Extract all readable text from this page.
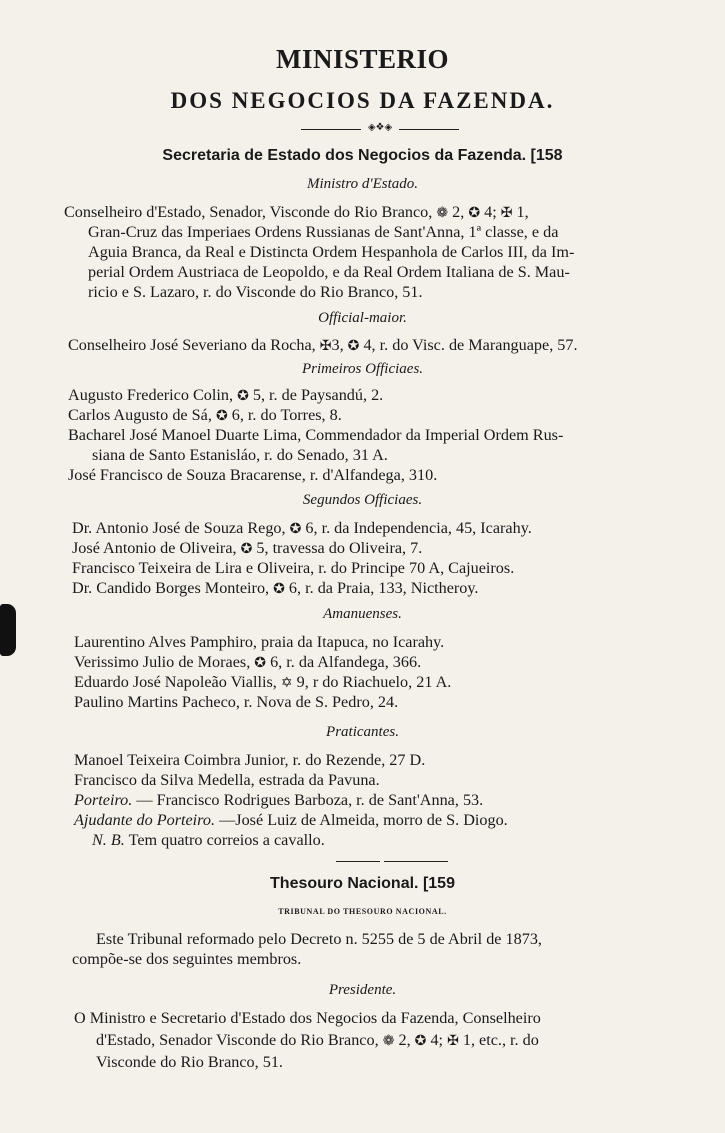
MINISTERIO
DOS NEGOCIOS DA FAZENDA.
◈❖◈
Secretaria de Estado dos Negocios da Fazenda. [158
Ministro d'Estado.
Conselheiro d'Estado, Senador, Visconde do Rio Branco, ❁ 2, ✪ 4; ✠ 1,
Gran-Cruz das Imperiaes Ordens Russianas de Sant'Anna, 1ª classe, e da
Aguia Branca, da Real e Distincta Ordem Hespanhola de Carlos III, da Im-
perial Ordem Austriaca de Leopoldo, e da Real Ordem Italiana de S. Mau-
ricio e S. Lazaro, r. do Visconde do Rio Branco, 51.
Official-maior.
Conselheiro José Severiano da Rocha, ✠3, ✪ 4, r. do Visc. de Maranguape, 57.
Primeiros Officiaes.
Augusto Frederico Colin, ✪ 5, r. de Paysandú, 2.
Carlos Augusto de Sá, ✪ 6, r. do Torres, 8.
Bacharel José Manoel Duarte Lima, Commendador da Imperial Ordem Rus-
siana de Santo Estanisláo, r. do Senado, 31 A.
José Francisco de Souza Bracarense, r. d'Alfandega, 310.
Segundos Officiaes.
Dr. Antonio José de Souza Rego, ✪ 6, r. da Independencia, 45, Icarahy.
José Antonio de Oliveira, ✪ 5, travessa do Oliveira, 7.
Francisco Teixeira de Lira e Oliveira, r. do Principe 70 A, Cajueiros.
Dr. Candido Borges Monteiro, ✪ 6, r. da Praia, 133, Nictheroy.
Amanuenses.
Laurentino Alves Pamphiro, praia da Itapuca, no Icarahy.
Verissimo Julio de Moraes, ✪ 6, r. da Alfandega, 366.
Eduardo José Napoleão Viallis, ✡ 9, r do Riachuelo, 21 A.
Paulino Martins Pacheco, r. Nova de S. Pedro, 24.
Praticantes.
Manoel Teixeira Coimbra Junior, r. do Rezende, 27 D.
Francisco da Silva Medella, estrada da Pavuna.
Porteiro. — Francisco Rodrigues Barboza, r. de Sant'Anna, 53.
Ajudante do Porteiro. —José Luiz de Almeida, morro de S. Diogo.
N. B. Tem quatro correios a cavallo.
Thesouro Nacional. [159
TRIBUNAL DO THESOURO NACIONAL.
Este Tribunal reformado pelo Decreto n. 5255 de 5 de Abril de 1873,
compõe-se dos seguintes membros.
Presidente.
O Ministro e Secretario d'Estado dos Negocios da Fazenda, Conselheiro
d'Estado, Senador Visconde do Rio Branco, ❁ 2, ✪ 4; ✠ 1, etc., r. do
Visconde do Rio Branco, 51.
